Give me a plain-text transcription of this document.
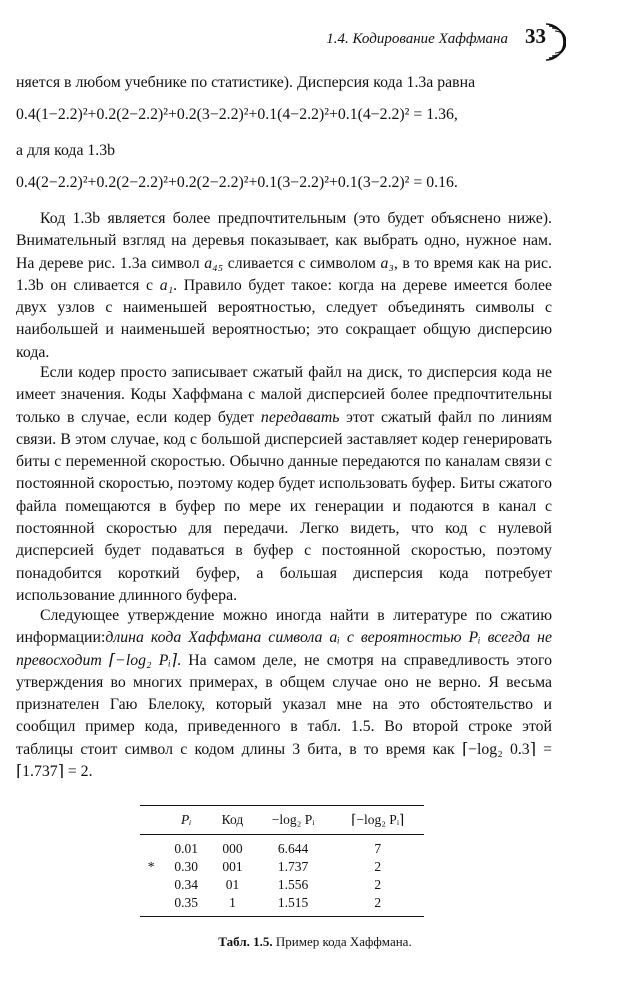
1.4. Кодирование Хаффмана 33
няется в любом учебнике по статистике). Дисперсия кода 1.3a равна
0.4(1−2.2)²+0.2(2−2.2)²+0.2(3−2.2)²+0.1(4−2.2)²+0.1(4−2.2)² = 1.36,
а для кода 1.3b
0.4(2−2.2)²+0.2(2−2.2)²+0.2(2−2.2)²+0.1(3−2.2)²+0.1(3−2.2)² = 0.16.
Код 1.3b является более предпочтительным (это будет объяснено ниже). Внимательный взгляд на деревья показывает, как выбрать одно, нужное нам. На дереве рис. 1.3a символ a₄₅ сливается с символом a₃, в то время как на рис. 1.3b он сливается с a₁. Правило будет такое: когда на дереве имеется более двух узлов с наименьшей вероятностью, следует объединять символы с наибольшей и наименьшей вероятностью; это сокращает общую дисперсию кода.
Если кодер просто записывает сжатый файл на диск, то дисперсия кода не имеет значения. Коды Хаффмана с малой дисперсией более предпочтительны только в случае, если кодер будет передавать этот сжатый файл по линиям связи. В этом случае, код с большой дисперсией заставляет кодер генерировать биты с переменной скоростью. Обычно данные передаются по каналам связи с постоянной скоростью, поэтому кодер будет использовать буфер. Биты сжатого файла помещаются в буфер по мере их генерации и подаются в канал с постоянной скоростью для передачи. Легко видеть, что код с нулевой дисперсией будет подаваться в буфер с постоянной скоростью, поэтому понадобится короткий буфер, а большая дисперсия кода потребует использование длинного буфера.
Следующее утверждение можно иногда найти в литературе по сжатию информации:длина кода Хаффмана символа aᵢ с вероятностью Pᵢ всегда не превосходит ⌈−log₂ Pᵢ⌉. На самом деле, не смотря на справедливость этого утверждения во многих примерах, в общем случае оно не верно. Я весьма признателен Гаю Блелоку, который указал мне на это обстоятельство и сообщил пример кода, приведенного в табл. 1.5. Во второй строке этой таблицы стоит символ с кодом длины 3 бита, в то время как ⌈−log₂ 0.3⌉ = ⌈1.737⌉ = 2.
	Pᵢ	Код	−log₂ Pᵢ	⌈−log₂ Pᵢ⌉
	0.01	000	6.644	7
*	0.30	001	1.737	2
	0.34	01	1.556	2
	0.35	1	1.515	2
Табл. 1.5. Пример кода Хаффмана.
